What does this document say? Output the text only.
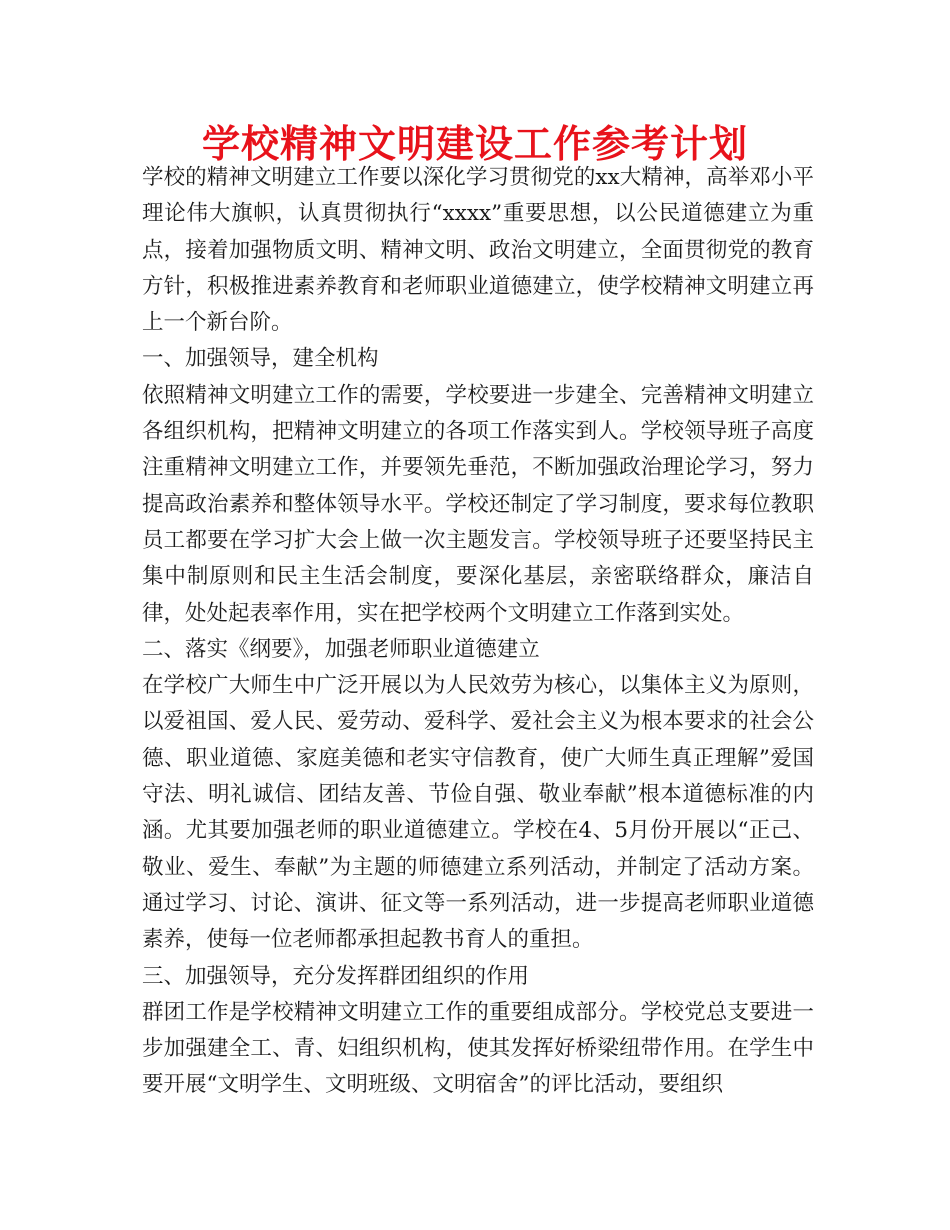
学校精神文明建设工作参考计划

学校的精神文明建立工作要以深化学习贯彻党的xx大精神，高举邓小平理论伟大旗帜，认真贯彻执行“xxxx”重要思想，以公民道德建立为重点，接着加强物质文明、精神文明、政治文明建立，全面贯彻党的教育方针，积极推进素养教育和老师职业道德建立，使学校精神文明建立再上一个新台阶。

一、加强领导，建全机构

依照精神文明建立工作的需要，学校要进一步建全、完善精神文明建立各组织机构，把精神文明建立的各项工作落实到人。学校领导班子高度注重精神文明建立工作，并要领先垂范，不断加强政治理论学习，努力提高政治素养和整体领导水平。学校还制定了学习制度，要求每位教职员工都要在学习扩大会上做一次主题发言。学校领导班子还要坚持民主集中制原则和民主生活会制度，要深化基层，亲密联络群众，廉洁自律，处处起表率作用，实在把学校两个文明建立工作落到实处。

二、落实《纲要》，加强老师职业道德建立

在学校广大师生中广泛开展以为人民效劳为核心，以集体主义为原则，以爱祖国、爱人民、爱劳动、爱科学、爱社会主义为根本要求的社会公德、职业道德、家庭美德和老实守信教育，使广大师生真正理解”爱国守法、明礼诚信、团结友善、节俭自强、敬业奉献”根本道德标准的内涵。尤其要加强老师的职业道德建立。学校在4、5月份开展以“正己、敬业、爱生、奉献”为主题的师德建立系列活动，并制定了活动方案。通过学习、讨论、演讲、征文等一系列活动，进一步提高老师职业道德素养，使每一位老师都承担起教书育人的重担。

三、加强领导，充分发挥群团组织的作用

群团工作是学校精神文明建立工作的重要组成部分。学校党总支要进一步加强建全工、青、妇组织机构，使其发挥好桥梁纽带作用。在学生中要开展“文明学生、文明班级、文明宿舍”的评比活动，要组织
